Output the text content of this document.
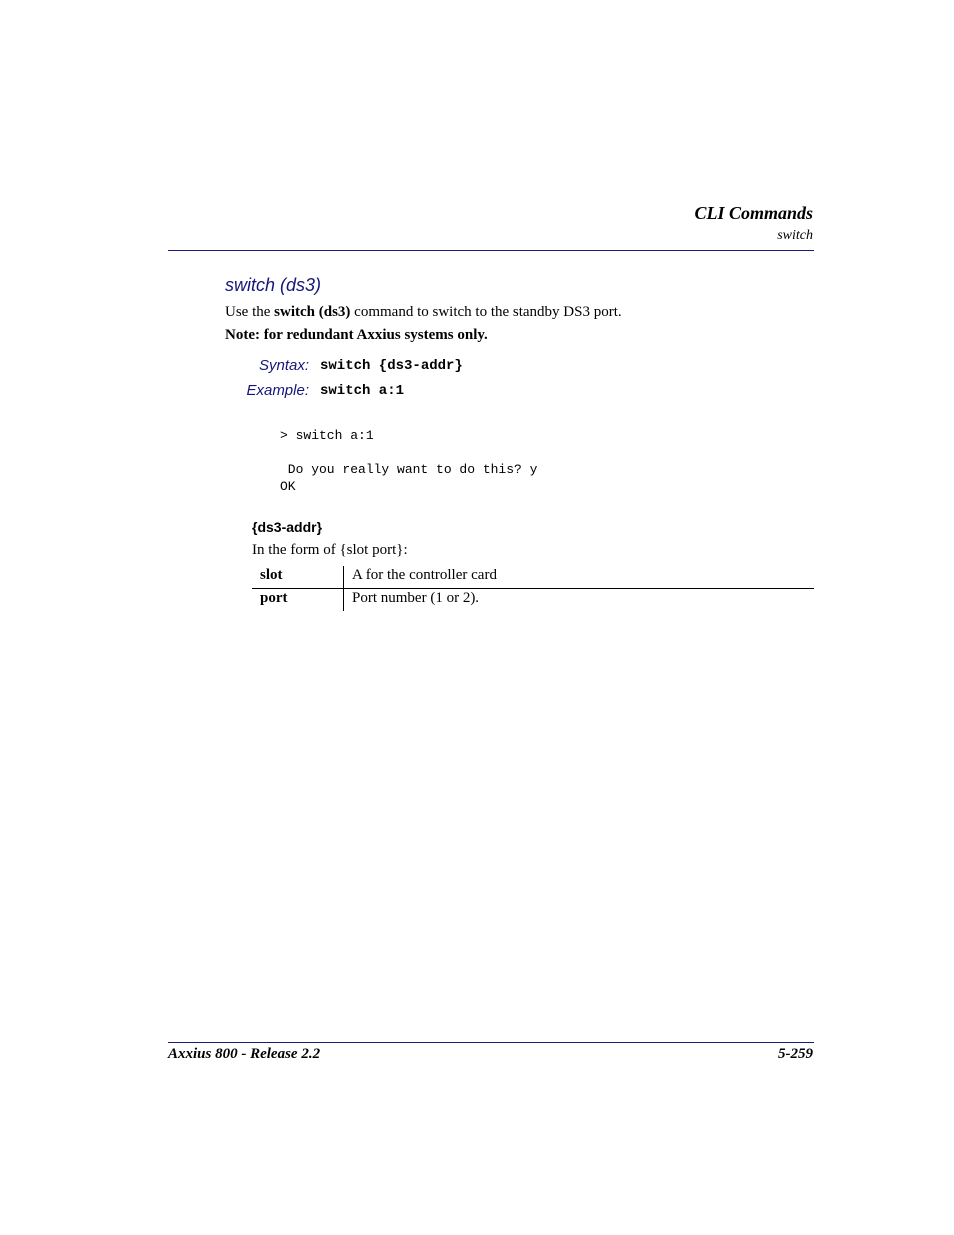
CLI Commands
switch
switch (ds3)
Use the switch (ds3) command to switch to the standby DS3 port.
Note: for redundant Axxius systems only.
Syntax: switch {ds3-addr}
Example: switch a:1
> switch a:1

Do you really want to do this? y
OK
{ds3-addr}
In the form of {slot port}:
slot	A for the controller card
port	Port number (1 or 2).
Axxius 800 - Release 2.2	5-259
